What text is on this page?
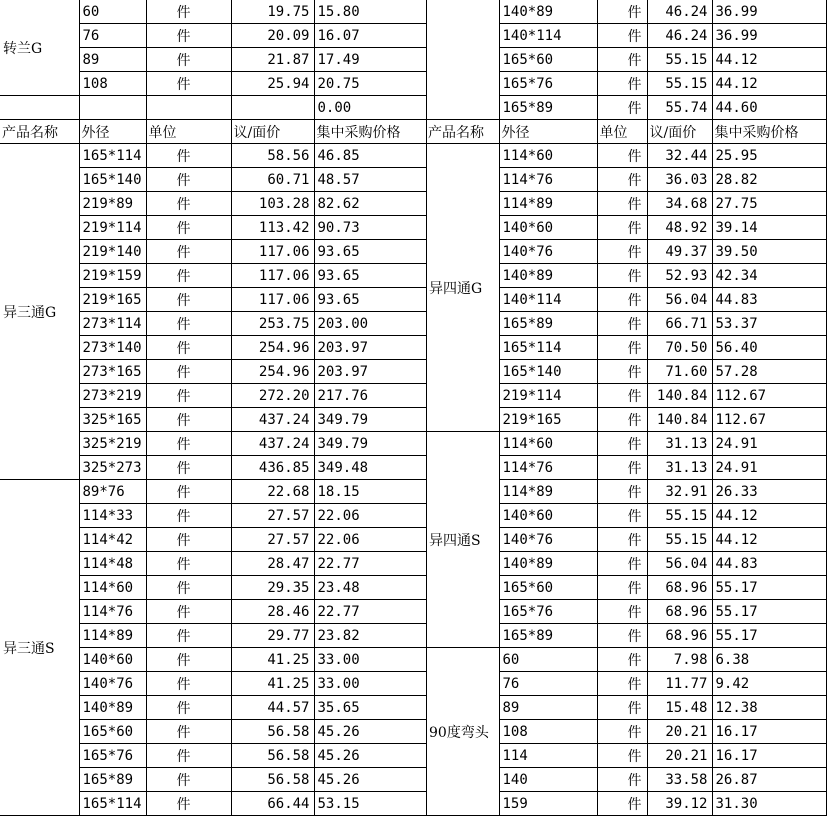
转兰G	60	件	19.75	15.80
	76	件	20.09	16.07
	89	件	21.87	17.49
	108	件	25.94	20.75
				0.00
产品名称	外径	单位	议/面价	集中采购价格
异三通G	165*114	件	58.56	46.85
	165*140	件	60.71	48.57
	219*89	件	103.28	82.62
	219*114	件	113.42	90.73
	219*140	件	117.06	93.65
	219*159	件	117.06	93.65
	219*165	件	117.06	93.65
	273*114	件	253.75	203.00
	273*140	件	254.96	203.97
	273*165	件	254.96	203.97
	273*219	件	272.20	217.76
	325*165	件	437.24	349.79
	325*219	件	437.24	349.79
	325*273	件	436.85	349.48
异三通S	89*76	件	22.68	18.15
	114*33	件	27.57	22.06
	114*42	件	27.57	22.06
	114*48	件	28.47	22.77
	114*60	件	29.35	23.48
	114*76	件	28.46	22.77
	114*89	件	29.77	23.82
	140*60	件	41.25	33.00
	140*76	件	41.25	33.00
	140*89	件	44.57	35.65
	165*60	件	56.58	45.26
	165*76	件	56.58	45.26
	165*89	件	56.58	45.26
	165*114	件	66.44	53.15
	140*89	件	46.24	36.99
	140*114	件	46.24	36.99
	165*60	件	55.15	44.12
	165*76	件	55.15	44.12
	165*89	件	55.74	44.60
产品名称	外径	单位	议/面价	集中采购价格
异四通G	114*60	件	32.44	25.95
	114*76	件	36.03	28.82
	114*89	件	34.68	27.75
	140*60	件	48.92	39.14
	140*76	件	49.37	39.50
	140*89	件	52.93	42.34
	140*114	件	56.04	44.83
	165*89	件	66.71	53.37
	165*114	件	70.50	56.40
	165*140	件	71.60	57.28
	219*114	件	140.84	112.67
	219*165	件	140.84	112.67
异四通S	114*60	件	31.13	24.91
	114*76	件	31.13	24.91
	114*89	件	32.91	26.33
	140*60	件	55.15	44.12
	140*76	件	55.15	44.12
	140*89	件	56.04	44.83
	165*60	件	68.96	55.17
	165*76	件	68.96	55.17
	165*89	件	68.96	55.17
90度弯头	60	件	7.98	6.38
	76	件	11.77	9.42
	89	件	15.48	12.38
	108	件	20.21	16.17
	114	件	20.21	16.17
	140	件	33.58	26.87
	159	件	39.12	31.30
